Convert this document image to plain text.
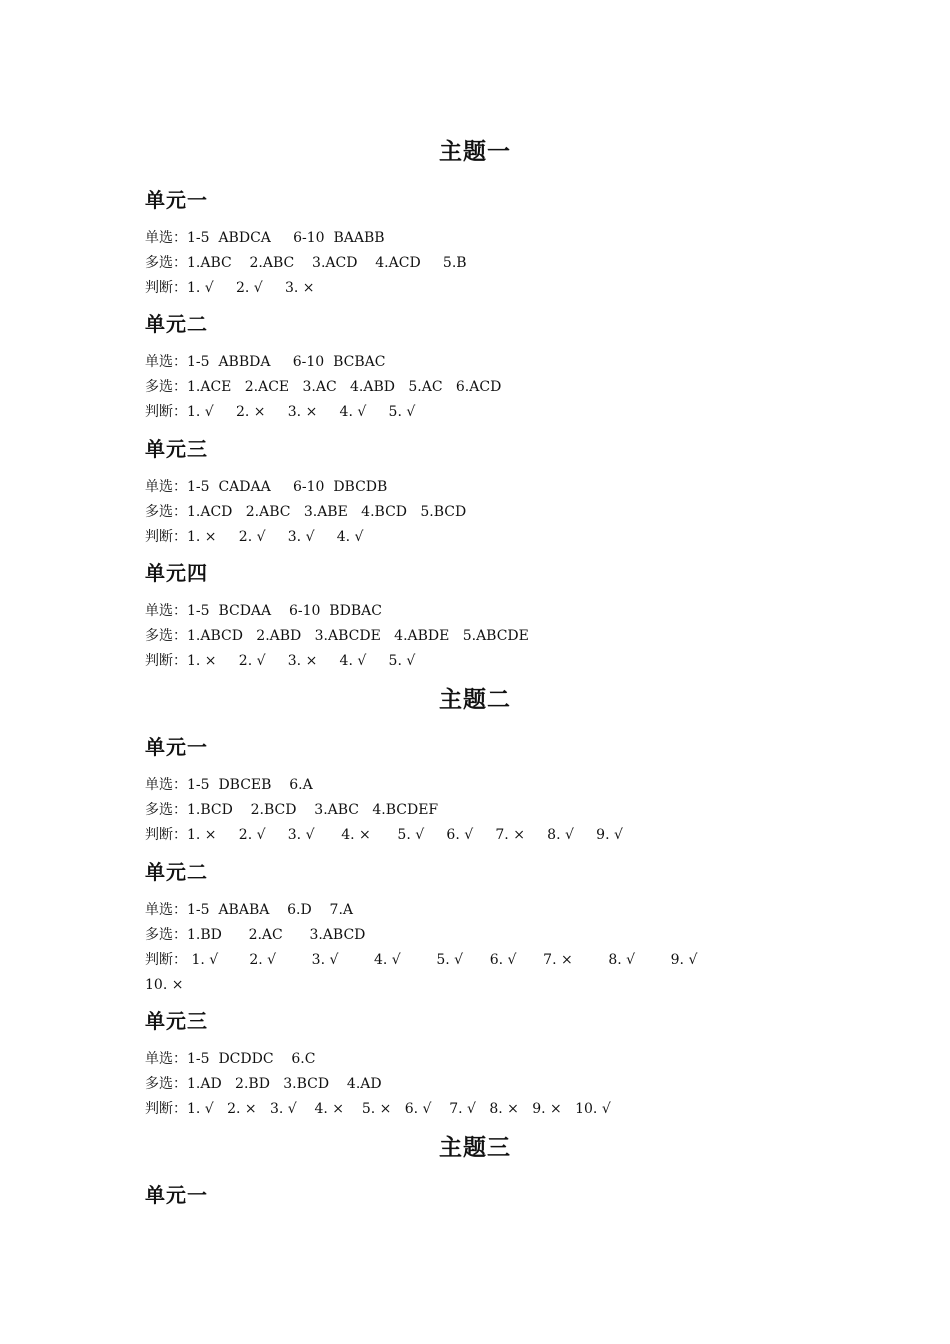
主题一
单元一
单选：1-5  ABDCA     6-10  BAABB
多选：1.ABC    2.ABC    3.ACD    4.ACD     5.B
判断：1. √     2. √     3. ×
单元二
单选：1-5  ABBDA     6-10  BCBAC
多选：1.ACE   2.ACE   3.AC   4.ABD   5.AC   6.ACD
判断：1. √     2. ×     3. ×     4. √     5. √
单元三
单选：1-5  CADAA     6-10  DBCDB
多选：1.ACD   2.ABC   3.ABE   4.BCD   5.BCD
判断：1. ×     2. √     3. √     4. √
单元四
单选：1-5  BCDAA    6-10  BDBAC
多选：1.ABCD   2.ABD   3.ABCDE   4.ABDE   5.ABCDE
判断：1. ×     2. √     3. ×     4. √     5. √
主题二
单元一
单选：1-5  DBCEB    6.A
多选：1.BCD    2.BCD    3.ABC   4.BCDEF
判断：1. ×     2. √     3. √      4. ×      5. √     6. √     7. ×     8. √     9. √
单元二
单选：1-5  ABABA    6.D    7.A
多选：1.BD      2.AC      3.ABCD
判断： 1. √       2. √        3. √        4. √        5. √      6. √      7. ×        8. √        9. √
10. ×
单元三
单选：1-5  DCDDC    6.C
多选：1.AD   2.BD   3.BCD    4.AD
判断：1. √   2. ×   3. √    4. ×    5. ×   6. √    7. √   8. ×   9. ×   10. √
主题三
单元一
